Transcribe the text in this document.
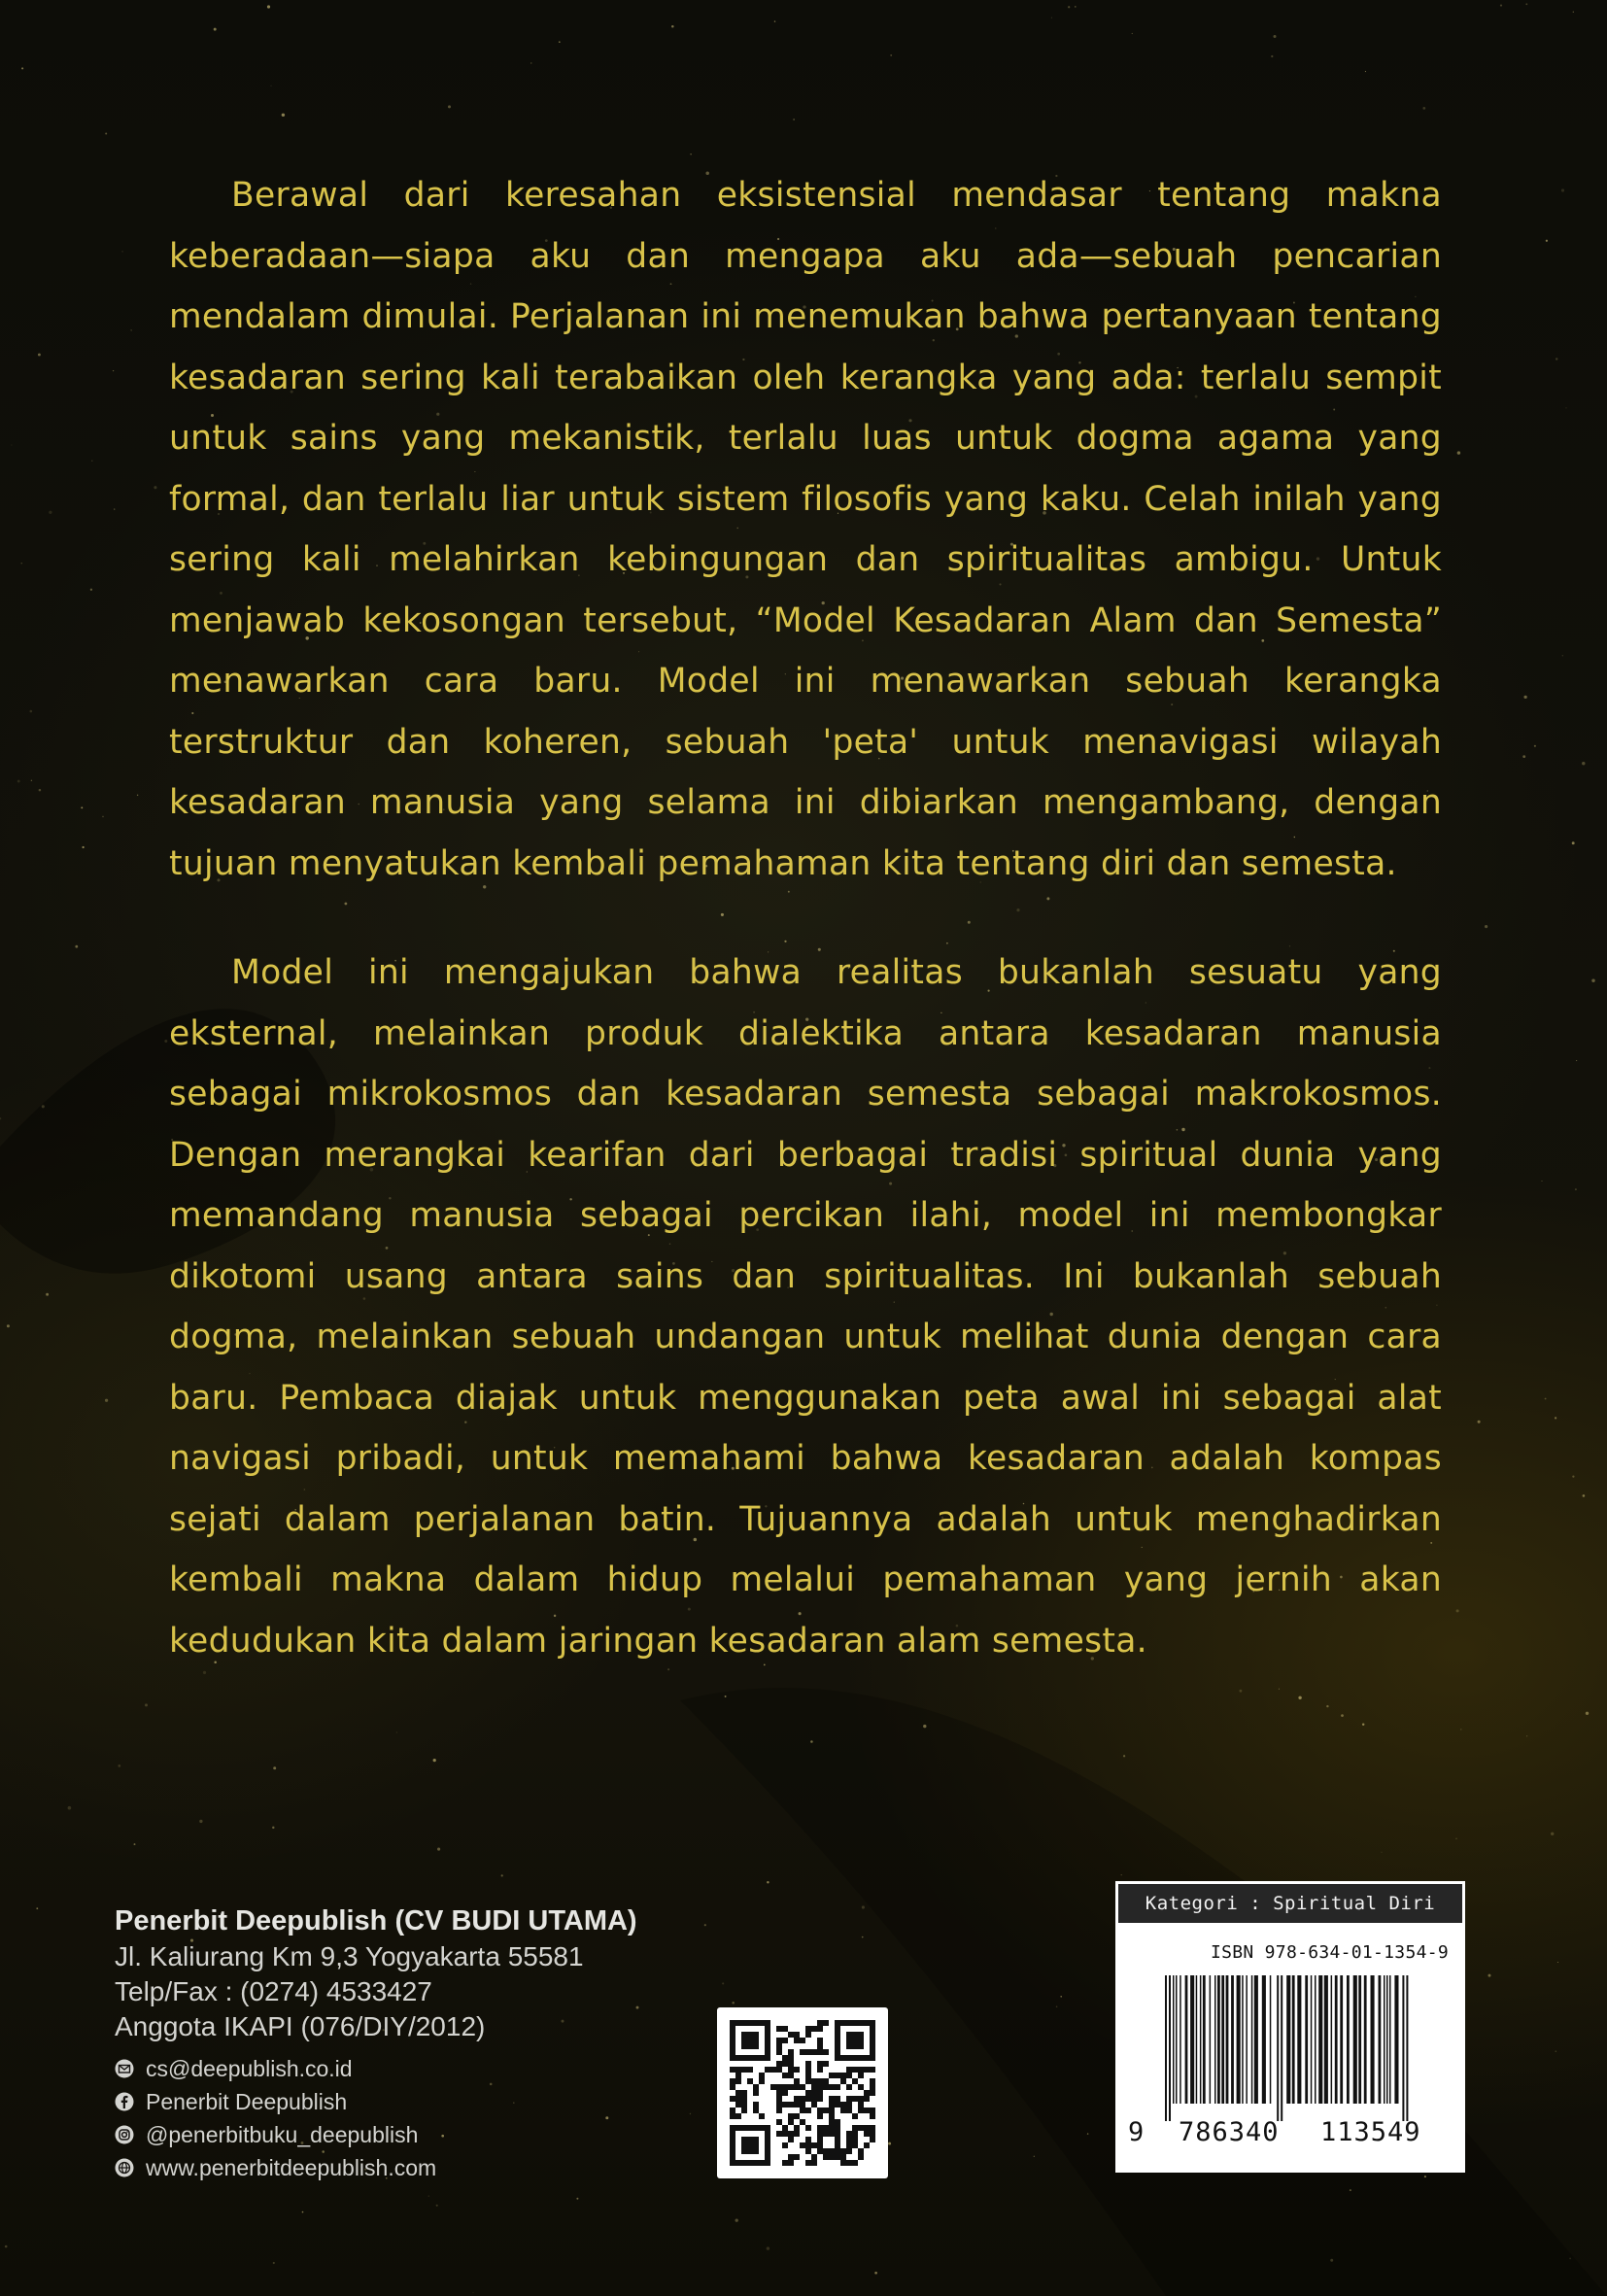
Berawal dari keresahan eksistensial mendasar tentang makna keberadaan—siapa aku dan mengapa aku ada—sebuah pencarian mendalam dimulai. Perjalanan ini menemukan bahwa pertanyaan tentang kesadaran sering kali terabaikan oleh kerangka yang ada: terlalu sempit untuk sains yang mekanistik, terlalu luas untuk dogma agama yang formal, dan terlalu liar untuk sistem filosofis yang kaku. Celah inilah yang sering kali melahirkan kebingungan dan spiritualitas ambigu. Untuk menjawab kekosongan tersebut, “Model Kesadaran Alam dan Semesta” menawarkan cara baru. Model ini menawarkan sebuah kerangka terstruktur dan koheren, sebuah 'peta' untuk menavigasi wilayah kesadaran manusia yang selama ini dibiarkan mengambang, dengan tujuan menyatukan kembali pemahaman kita tentang diri dan semesta.

Model ini mengajukan bahwa realitas bukanlah sesuatu yang eksternal, melainkan produk dialektika antara kesadaran manusia sebagai mikrokosmos dan kesadaran semesta sebagai makrokosmos. Dengan merangkai kearifan dari berbagai tradisi spiritual dunia yang memandang manusia sebagai percikan ilahi, model ini membongkar dikotomi usang antara sains dan spiritualitas. Ini bukanlah sebuah dogma, melainkan sebuah undangan untuk melihat dunia dengan cara baru. Pembaca diajak untuk menggunakan peta awal ini sebagai alat navigasi pribadi, untuk memahami bahwa kesadaran adalah kompas sejati dalam perjalanan batin. Tujuannya adalah untuk menghadirkan kembali makna dalam hidup melalui pemahaman yang jernih akan kedudukan kita dalam jaringan kesadaran alam semesta.

Penerbit Deepublish (CV BUDI UTAMA)
Jl. Kaliurang Km 9,3 Yogyakarta 55581
Telp/Fax : (0274) 4533427
Anggota IKAPI (076/DIY/2012)
cs@deepublish.co.id
Penerbit Deepublish
@penerbitbuku_deepublish
www.penerbitdeepublish.com
Kategori : Spiritual Diri
ISBN 978-634-01-1354-9
9 786340 113549
